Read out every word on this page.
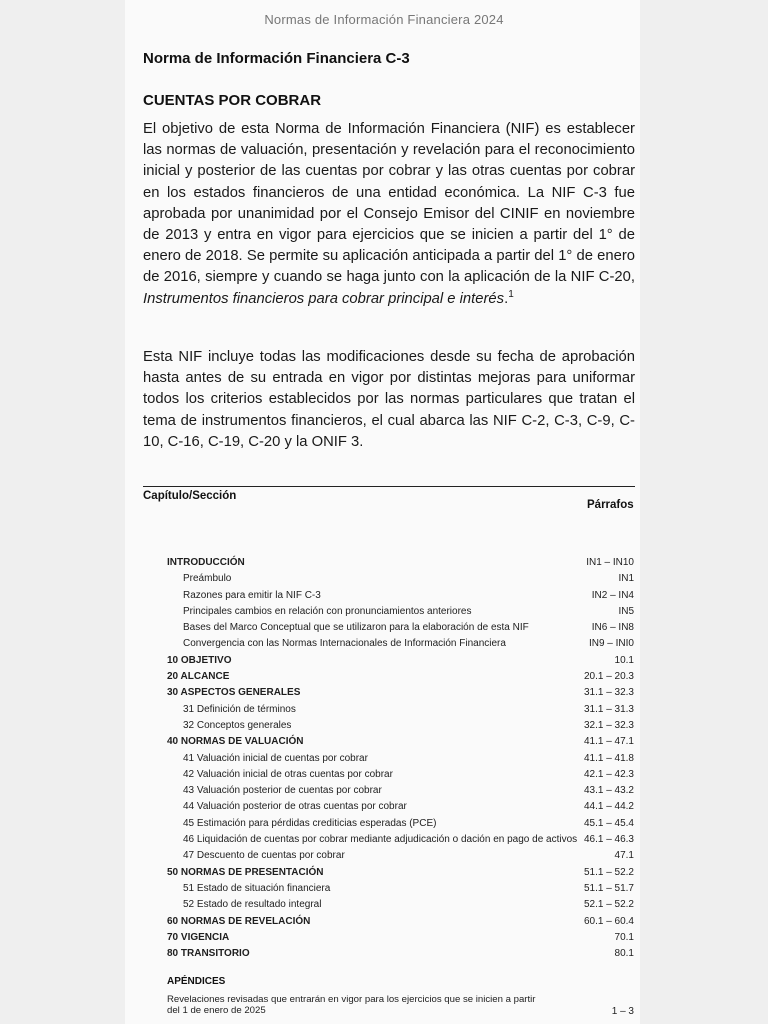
Normas de Información Financiera 2024
Norma de Información Financiera C-3
CUENTAS POR COBRAR

El objetivo de esta Norma de Información Financiera (NIF) es establecer las normas de valuación, presentación y revelación para el reconocimiento inicial y posterior de las cuentas por cobrar y las otras cuentas por cobrar en los estados financieros de una entidad económica. La NIF C-3 fue aprobada por unanimidad por el Consejo Emisor del CINIF en noviembre de 2013 y entra en vigor para ejercicios que se inicien a partir del 1° de enero de 2018. Se permite su aplicación anticipada a partir del 1° de enero de 2016, siempre y cuando se haga junto con la aplicación de la NIF C-20, Instrumentos financieros para cobrar principal e interés.$^1$

Esta NIF incluye todas las modificaciones desde su fecha de aprobación hasta antes de su entrada en vigor por distintas mejoras para uniformar todos los criterios establecidos por las normas particulares que tratan el tema de instrumentos financieros, el cual abarca las NIF C-2, C-3, C-9, C-10, C-16, C-19, C-20 y la ONIF 3.

Capítulo/Sección
Párrafos
INTRODUCCIÓN	IN1 – IN10
Preámbulo	IN1
Razones para emitir la NIF C-3	IN2 – IN4
Principales cambios en relación con pronunciamientos anteriores	IN5
Bases del Marco Conceptual que se utilizaron para la elaboración de esta NIF	IN6 – IN8
Convergencia con las Normas Internacionales de Información Financiera	IN9 – INI0
10 OBJETIVO	10.1
20 ALCANCE	20.1 – 20.3
30 ASPECTOS GENERALES	31.1 – 32.3
31 Definición de términos	31.1 – 31.3
32 Conceptos generales	32.1 – 32.3
40 NORMAS DE VALUACIÓN	41.1 – 47.1
41 Valuación inicial de cuentas por cobrar	41.1 – 41.8
42 Valuación inicial de otras cuentas por cobrar	42.1 – 42.3
43 Valuación posterior de cuentas por cobrar	43.1 – 43.2
44 Valuación posterior de otras cuentas por cobrar	44.1 – 44.2
45 Estimación para pérdidas crediticias esperadas (PCE)	45.1 – 45.4
46 Liquidación de cuentas por cobrar mediante adjudicación o dación en pago de activos 46.1 – 46.3
47 Descuento de cuentas por cobrar	47.1
50 NORMAS DE PRESENTACIÓN	51.1 – 52.2
51 Estado de situación financiera	51.1 – 51.7
52 Estado de resultado integral	52.1 – 52.2
60 NORMAS DE REVELACIÓN	60.1 – 60.4
70 VIGENCIA	70.1
80 TRANSITORIO	80.1
APÉNDICES
Revelaciones revisadas que entrarán en vigor para los ejercicios que se inicien a partir del 1 de enero de 2025	1 – 3
